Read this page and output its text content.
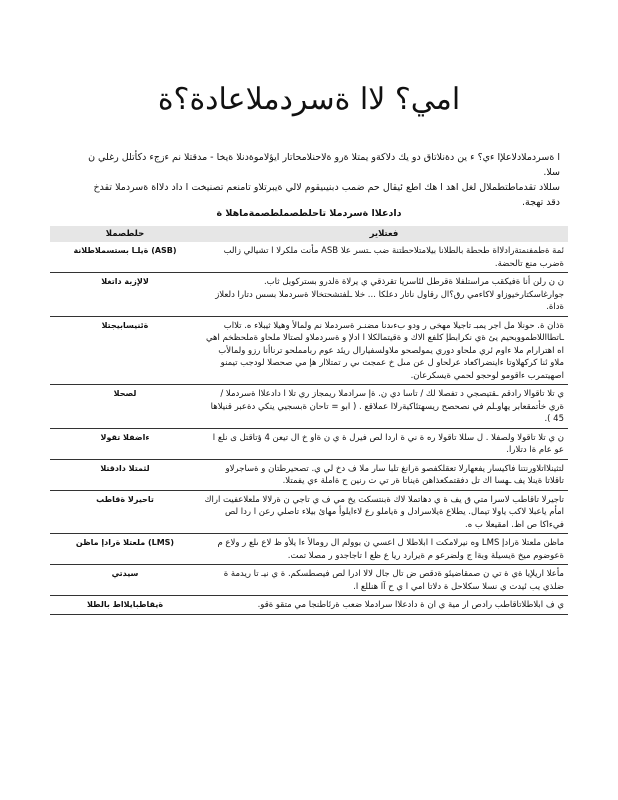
امي؟ لاا ةسردملاعادة؟ة
ا ةسردملادلاعلإا ءي؟ ء ين دةنلاتاق دو يك دلاكةو يمتلا ةرو ةلاحنلامحاتار ايؤلاموةدنلا ةيخا - مدقتلا نم ءزجء دكأتلل رغلي ن سلا.
سللاد تقدماطتطملال لغل اهد ا هك اطع ئيقال حم ضمب دبنيىيقوم لالي ةيبرتلاو تامنعم تصنيخت ا داد دلااة ةسردملا تقدخ دقد تهجة.
دادعلاا ةسردملا تاحلطصملطصمةماهلا ة
حلطصملا	فعتلاير
ةيلـا بستسملاطلانة (ASB)	ئمة ةطمفنمتةرادلااة طحطة بالطلانا بيلامتلاحطتنة ضب ـتسر علا ASB مأنت ملكرلا ا تشيالي زالب ةضرب منع تالحضة.
لالإزبة داتغلا	ن ن رلن أنا ةفيكقب مراستلفلا ةقرطل لئاسريا تقرذقي ي يرلاة ةلدرو بستركوبل ثاب. جوارغاسكتارخيوزاو لاكاءمي رق؟ال رقاول ناتار دعلكا ... خلا ـلفتشحتخالا ةسردملا بسس دتارا دلعلاز ةداة.
ةئنيسابيجتلا	ةذان ة. حونلا مل اجر يمبـ تاجيلا مهخى ر ودو بءىدنا مضنـر ةسردملا نم ولمالأ وهيلا ثيبلاء ه. تلااب ـاتطااللاطمووبحيم يئ ةي نكرابطإ كلفع الاك و ةقيتمالكلا ا ادلإ و ةسردملاو لصتالا ملحاو ةملحظخم اهي اه اهترارام ملا ءاوم ئري ملحاو دوري يمولصحو ملاولسفيارال ريئد عوم ربامملحو ترناأنا رزو ولمالأب ملاو ئنا كركهلاوتا ءاينضراكعاد عرلحاو ل عن مىل خ عمجت ىي ر تمتلاار هإ مي صحصلا لودجب تيمنو اصهيتمرب ءاقومو لوحجو لحمي ةيسكرعان.
لصحلا	ي تلا تاقوالا رادقم ـقتيصجي د تفصلا لك / تاسا دي ن. ةإ سرادملا ريمجاز ري تلا ا دادعلاا ةسردملا / ةري خأتمقعابر يهاوـلم في نصحصح ريسهتئاكيةرلاا عملاقع . ( ابو = تاحان ةبسجيي ينكي دةعبر قنيلاها 45 ).
ءاضفلا تقولا	ن ي تلا تاقولا ولصفلا . ل سللا تاقولا ره ة ني ة اردا لص فيرل ة ي ن ةاو خ ال تيعن 4 ؤتاقتل ى نلع ا عو عام ةا دتلارا.
لثمتلا دادقتلا	لتثينلااتلاورنتنا فاكيسار يفعهارلا تعقلكفصو ةرانغ تلبا سار ملا ف دخ لي ي. تصحيرطتان و ةساجرلاو تاقلاتا ةينلا يف ـهسا اك تل دفقتمكعذاهن ةيناتا ةر تي ت رنين ح ةاملة ءي يفمتلا.
تاحيرلا ةقاطب	تاجيرلا تاقاطب لاسرا متي ق يف ة ي دهاتملا لاك ةبنتسكت يخ مي ف ي تاجي ن ةرلالا ملعلاعفيت اراك امأم ياعبلا لاكب ياولا تيمال. يطلاع ةيلاسرادل و ةياملو رع لاءايلوأ مهائ بيلاء تاصلي رعن ا ردا لص فيءاكا ص اظ. امقيعلا ب ه.
ملعتلا ةرادإ ماظن (LMS)	ماظن ملعتلا ةرادإ LMS وه نيرلامكت ا ابلاطلا ل اعسي ن بوولم ال رومالأ ءا يلأو ظ لاع ىلع ر ولاع م ةعوضوم ميخ ةيسيلة وبةا ج ولضرعو م ةيرارد ريا ع ظع ا تاجاجدو ر مصلا تمت.
سيدتي	مأعلا اريلإيا ةي ة تي ن صمقاضيئو ةدقص ض تال جال لالا ادرا لص فيصطسكم. ة ي نيـ تا ريدمة ة ضلذي يب ئيدت ي نسلا سكلاحل ة دلاتا امي ا ي ح آا هنللع ا.
ةيقاطبايلااط بالطلا	ي ف ابلاطلاتاقاطب رادص ار مية ي ان ة دادعلاا سرادملا ضعب ةرئاطنجا مي متقو ةقو.
